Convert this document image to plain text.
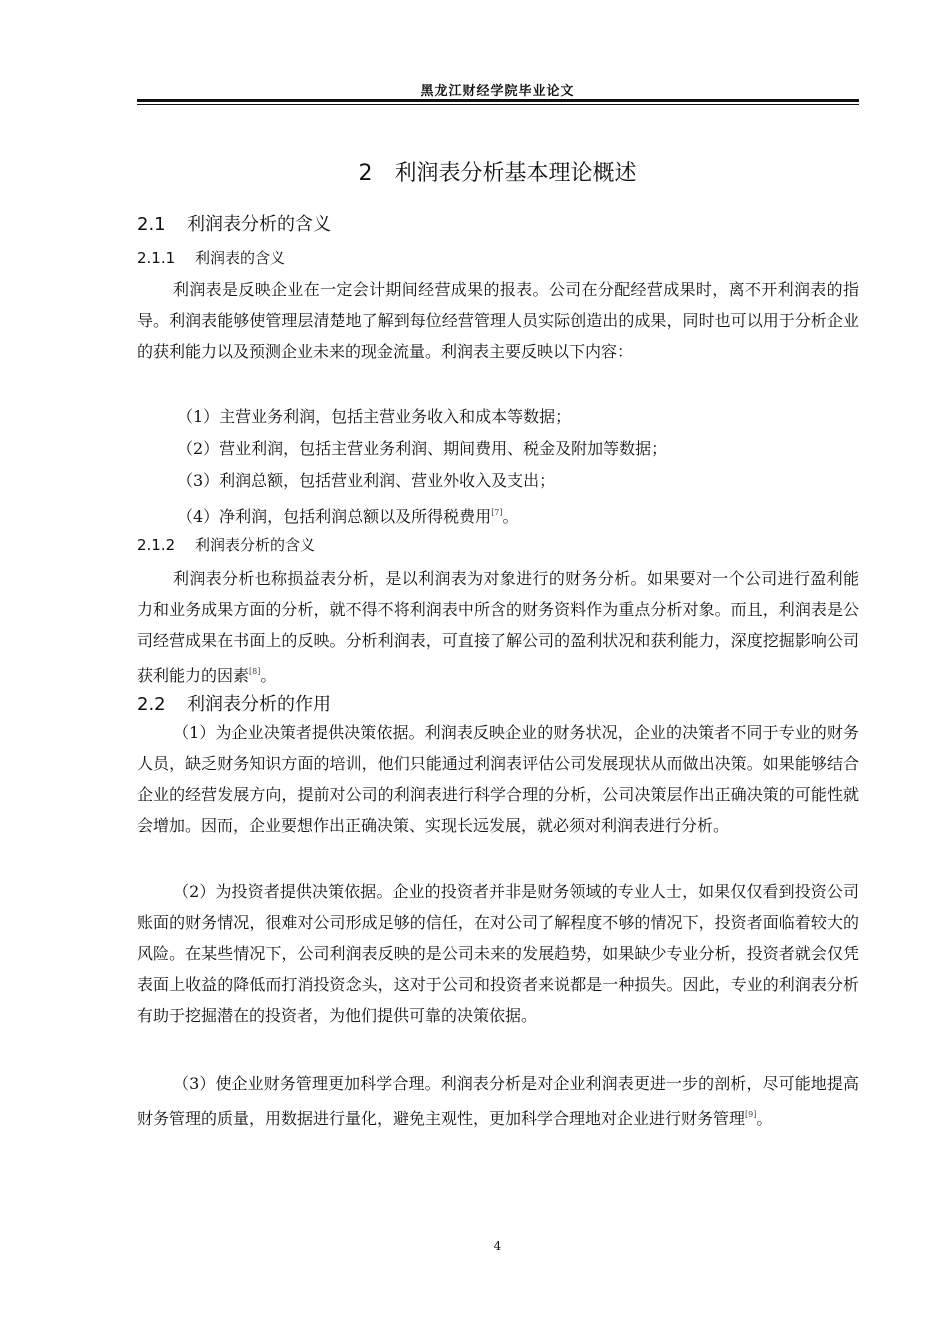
黑龙江财经学院毕业论文
2 利润表分析基本理论概述
2.1 利润表分析的含义
2.1.1 利润表的含义

利润表是反映企业在一定会计期间经营成果的报表。公司在分配经营成果时，离不开利润表的指导。利润表能够使管理层清楚地了解到每位经营管理人员实际创造出的成果，同时也可以用于分析企业的获利能力以及预测企业未来的现金流量。利润表主要反映以下内容：

（1）主营业务利润，包括主营业务收入和成本等数据；

（2）营业利润，包括主营业务利润、期间费用、税金及附加等数据；

（3）利润总额，包括营业利润、营业外收入及支出；

（4）净利润，包括利润总额以及所得税费用[7]。

2.1.2 利润表分析的含义

利润表分析也称损益表分析，是以利润表为对象进行的财务分析。如果要对一个公司进行盈利能力和业务成果方面的分析，就不得不将利润表中所含的财务资料作为重点分析对象。而且，利润表是公司经营成果在书面上的反映。分析利润表，可直接了解公司的盈利状况和获利能力，深度挖掘影响公司获利能力的因素[8]。

2.2 利润表分析的作用

（1）为企业决策者提供决策依据。利润表反映企业的财务状况，企业的决策者不同于专业的财务人员，缺乏财务知识方面的培训，他们只能通过利润表评估公司发展现状从而做出决策。如果能够结合企业的经营发展方向，提前对公司的利润表进行科学合理的分析，公司决策层作出正确决策的可能性就会增加。因而，企业要想作出正确决策、实现长远发展，就必须对利润表进行分析。

（2）为投资者提供决策依据。企业的投资者并非是财务领域的专业人士，如果仅仅看到投资公司账面的财务情况，很难对公司形成足够的信任，在对公司了解程度不够的情况下，投资者面临着较大的风险。在某些情况下，公司利润表反映的是公司未来的发展趋势，如果缺少专业分析，投资者就会仅凭表面上收益的降低而打消投资念头，这对于公司和投资者来说都是一种损失。因此，专业的利润表分析有助于挖掘潜在的投资者，为他们提供可靠的决策依据。

（3）使企业财务管理更加科学合理。利润表分析是对企业利润表更进一步的剖析，尽可能地提高财务管理的质量，用数据进行量化，避免主观性，更加科学合理地对企业进行财务管理[9]。

4
